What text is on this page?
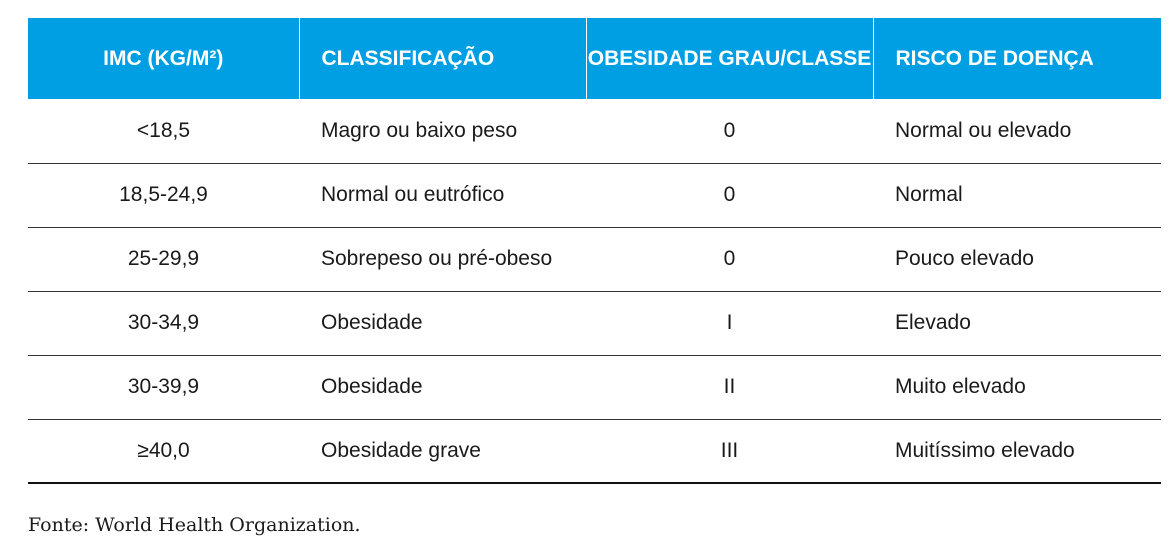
IMC (KG/M²)	CLASSIFICAÇÃO	OBESIDADE GRAU/CLASSE	RISCO DE DOENÇA
<18,5	Magro ou baixo peso	0	Normal ou elevado
18,5-24,9	Normal ou eutrófico	0	Normal
25-29,9	Sobrepeso ou pré-obeso	0	Pouco elevado
30-34,9	Obesidade	I	Elevado
30-39,9	Obesidade	II	Muito elevado
≥40,0	Obesidade grave	III	Muitíssimo elevado

Fonte: World Health Organization.
